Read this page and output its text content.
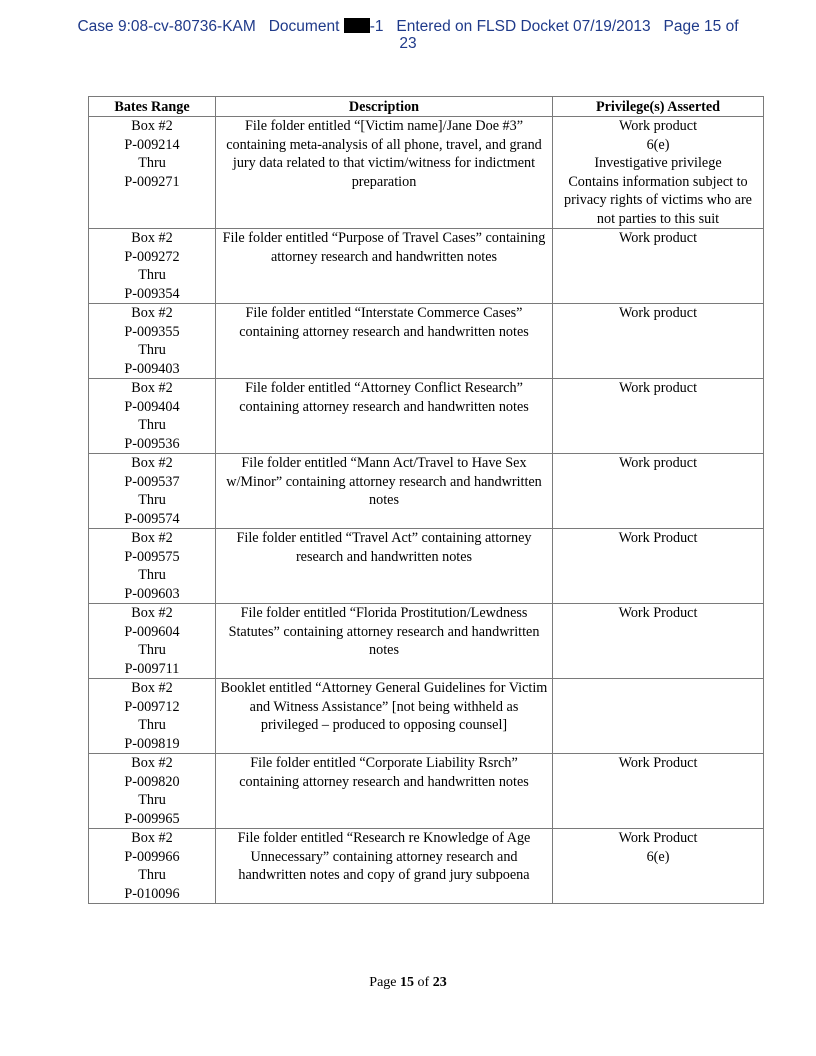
Case 9:08-cv-80736-KAM Document -1 Entered on FLSD Docket 07/19/2013 Page 15 of
23
Bates Range	Description	Privilege(s) Asserted

Box #2
P-009214
Thru
P-009271	File folder entitled “[Victim name]/Jane Doe #3” containing meta-analysis of all phone, travel, and grand jury data related to that victim/witness for indictment preparation	Work product
6(e)
Investigative privilege
Contains information subject to privacy rights of victims who are not parties to this suit

Box #2
P-009272
Thru
P-009354	File folder entitled “Purpose of Travel Cases” containing attorney research and handwritten notes	Work product

Box #2
P-009355
Thru
P-009403	File folder entitled “Interstate Commerce Cases” containing attorney research and handwritten notes	Work product

Box #2
P-009404
Thru
P-009536	File folder entitled “Attorney Conflict Research” containing attorney research and handwritten notes	Work product

Box #2
P-009537
Thru
P-009574	File folder entitled “Mann Act/Travel to Have Sex w/Minor” containing attorney research and handwritten notes	Work product

Box #2
P-009575
Thru
P-009603	File folder entitled “Travel Act” containing attorney research and handwritten notes	Work Product

Box #2
P-009604
Thru
P-009711	File folder entitled “Florida Prostitution/Lewdness Statutes” containing attorney research and handwritten notes	Work Product

Box #2
P-009712
Thru
P-009819	Booklet entitled “Attorney General Guidelines for Victim and Witness Assistance” [not being withheld as privileged – produced to opposing counsel]	

Box #2
P-009820
Thru
P-009965	File folder entitled “Corporate Liability Rsrch” containing attorney research and handwritten notes	Work Product

Box #2
P-009966
Thru
P-010096	File folder entitled “Research re Knowledge of Age Unnecessary” containing attorney research and handwritten notes and copy of grand jury subpoena	Work Product
6(e)
Page 15 of 23
